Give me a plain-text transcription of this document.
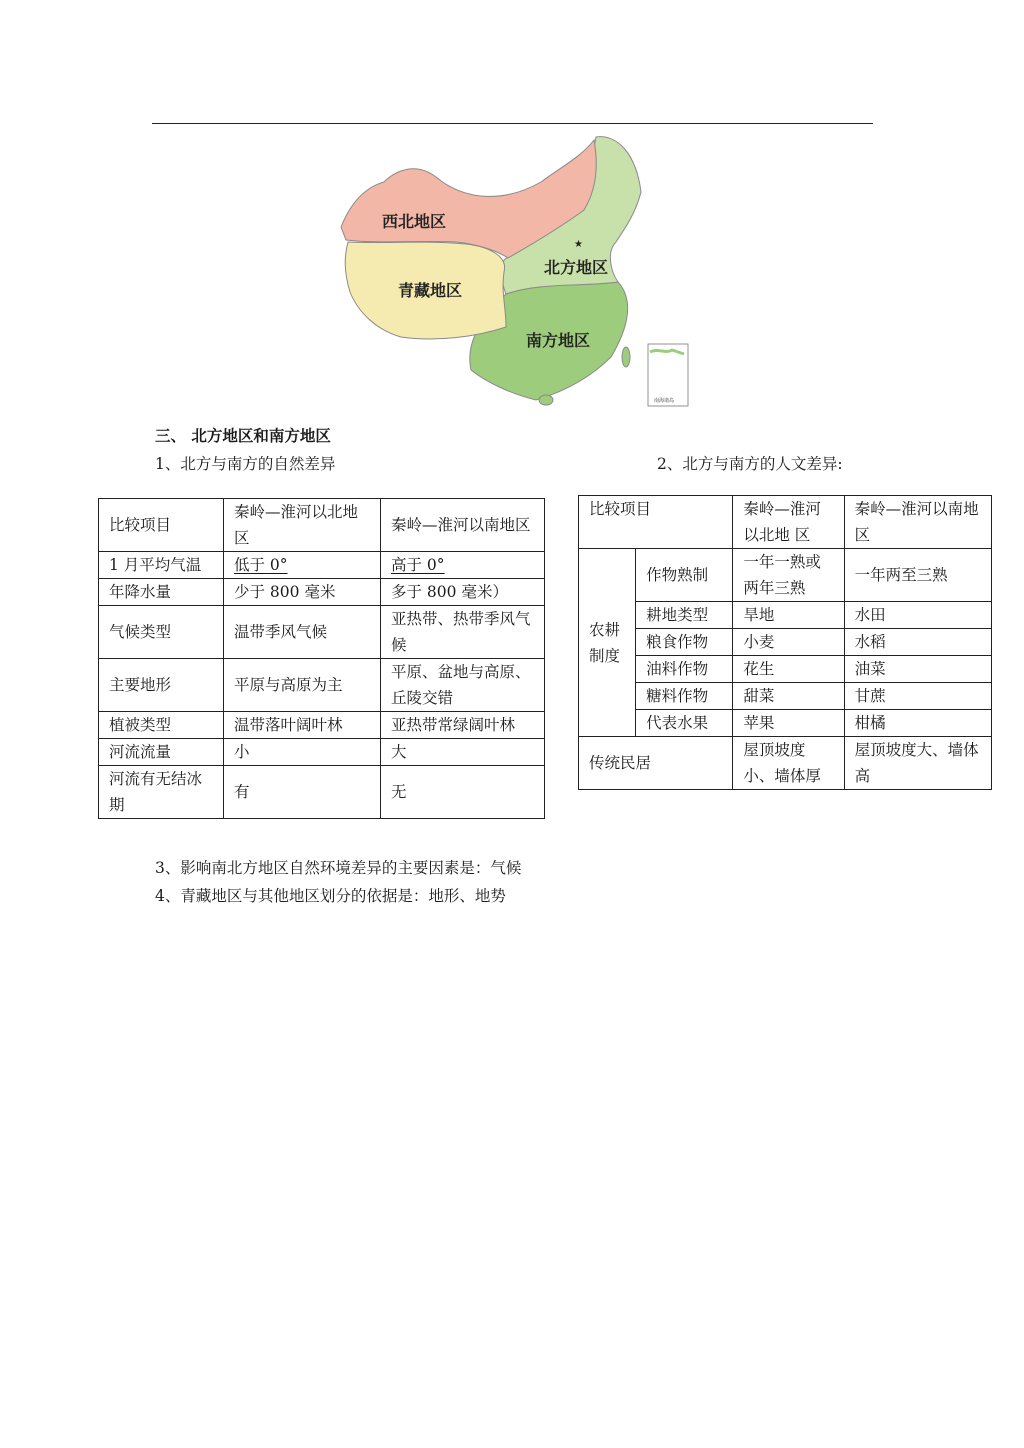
南海诸岛
★
西北地区
北方地区
青藏地区
南方地区
三、 北方地区和南方地区
1、北方与南方的自然差异	2、北方与南方的人文差异:
比较项目	秦岭—淮河以北地区	秦岭—淮河以南地区
1 月平均气温	低于 0°	高于 0°
年降水量	少于 800 毫米	多于 800 毫米）
气候类型	温带季风气候	亚热带、热带季风气候
主要地形	平原与高原为主	平原、盆地与高原、丘陵交错
植被类型	温带落叶阔叶林	亚热带常绿阔叶林
河流流量	小	大
河流有无结冰期	有	无
比较项目		秦岭—淮河以北地 区	秦岭—淮河以南地区
农耕制度	作物熟制	一年一熟或两年三熟	一年两至三熟
	耕地类型	旱地	水田
	粮食作物	小麦	水稻
	油料作物	花生	油菜
	糖料作物	甜菜	甘蔗
	代表水果	苹果	柑橘
传统民居		屋顶坡度小、墙体厚	屋顶坡度大、墙体高
3、影响南北方地区自然环境差异的主要因素是：气候
4、青藏地区与其他地区划分的依据是：地形、地势
